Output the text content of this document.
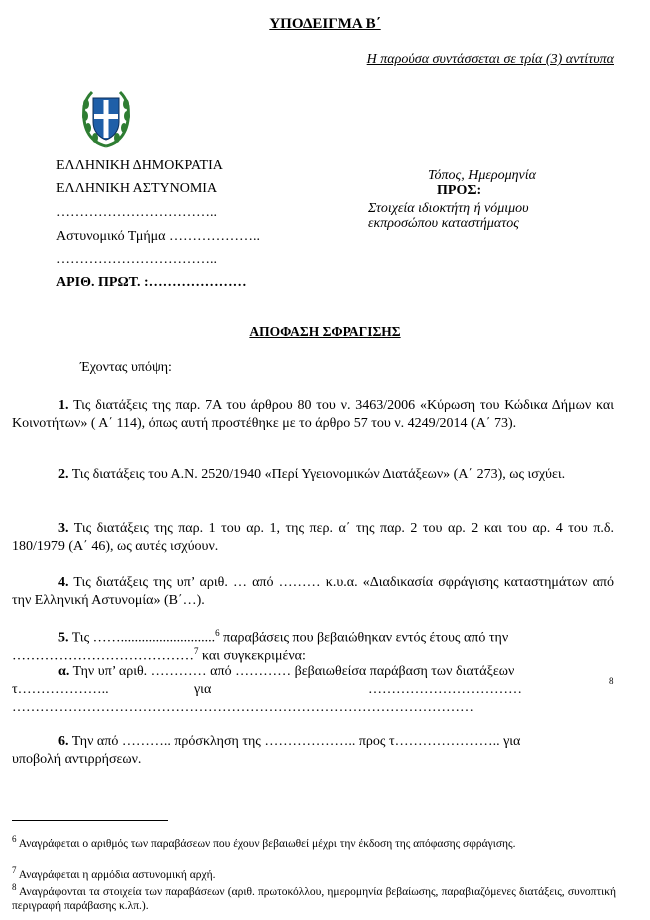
ΥΠΟΔΕΙΓΜΑ Β΄
Η παρούσα συντάσσεται σε τρία (3) αντίτυπα
ΕΛΛΗΝΙΚΗ ΔΗΜΟΚΡΑΤΙΑ
ΕΛΛΗΝΙΚΗ ΑΣΤΥΝΟΜΙΑ
……………………………..
Αστυνομικό Τμήμα ………………..
……………………………..
ΑΡΙΘ. ΠΡΩΤ. :…………………
Τόπος, Ημερομηνία
ΠΡΟΣ:
Στοιχεία ιδιοκτήτη ή νόμιμου
εκπροσώπου καταστήματος
ΑΠΟΦΑΣΗ ΣΦΡΑΓΙΣΗΣ
Έχοντας υπόψη:
1. Τις διατάξεις της παρ. 7Α του άρθρου 80 του ν. 3463/2006 «Κύρωση του Κώδικα Δήμων και Κοινοτήτων» ( Α΄ 114), όπως αυτή προστέθηκε με το άρθρο 57 του ν. 4249/2014 (Α΄ 73).
2. Τις διατάξεις του Α.Ν. 2520/1940 «Περί Υγειονομικών Διατάξεων» (Α΄ 273), ως ισχύει.
3. Τις διατάξεις της παρ. 1 του αρ. 1, της περ. α΄ της παρ. 2 του αρ. 2 και του αρ. 4 του π.δ. 180/1979 (Α΄ 46), ως αυτές ισχύουν.
4. Τις διατάξεις της υπ’ αριθ. … από ……… κ.υ.α. «Διαδικασία σφράγισης καταστημάτων από την Ελληνική Αστυνομία» (Β΄…).
5. Τις ……...........................$^6$ παραβάσεις που βεβαιώθηκαν εντός έτους από την
…………………………………$^7$ και συγκεκριμένα:
α. Την υπ’ αριθ. ………… από ………… βεβαιωθείσα παράβαση των διατάξεων
τ………………..	για	……………………………
8
………………………………………………………………………………………
6. Την από ……….. πρόσκληση της ……………….. προς τ………………….. για
υποβολή αντιρρήσεων.
$^6$ Αναγράφεται ο αριθμός των παραβάσεων που έχουν βεβαιωθεί μέχρι την έκδοση της απόφασης σφράγισης.
$^7$ Αναγράφεται η αρμόδια αστυνομική αρχή.
$^8$ Αναγράφονται τα στοιχεία των παραβάσεων (αριθ. πρωτοκόλλου, ημερομηνία βεβαίωσης, παραβιαζόμενες διατάξεις, συνοπτική περιγραφή παράβασης κ.λπ.).
